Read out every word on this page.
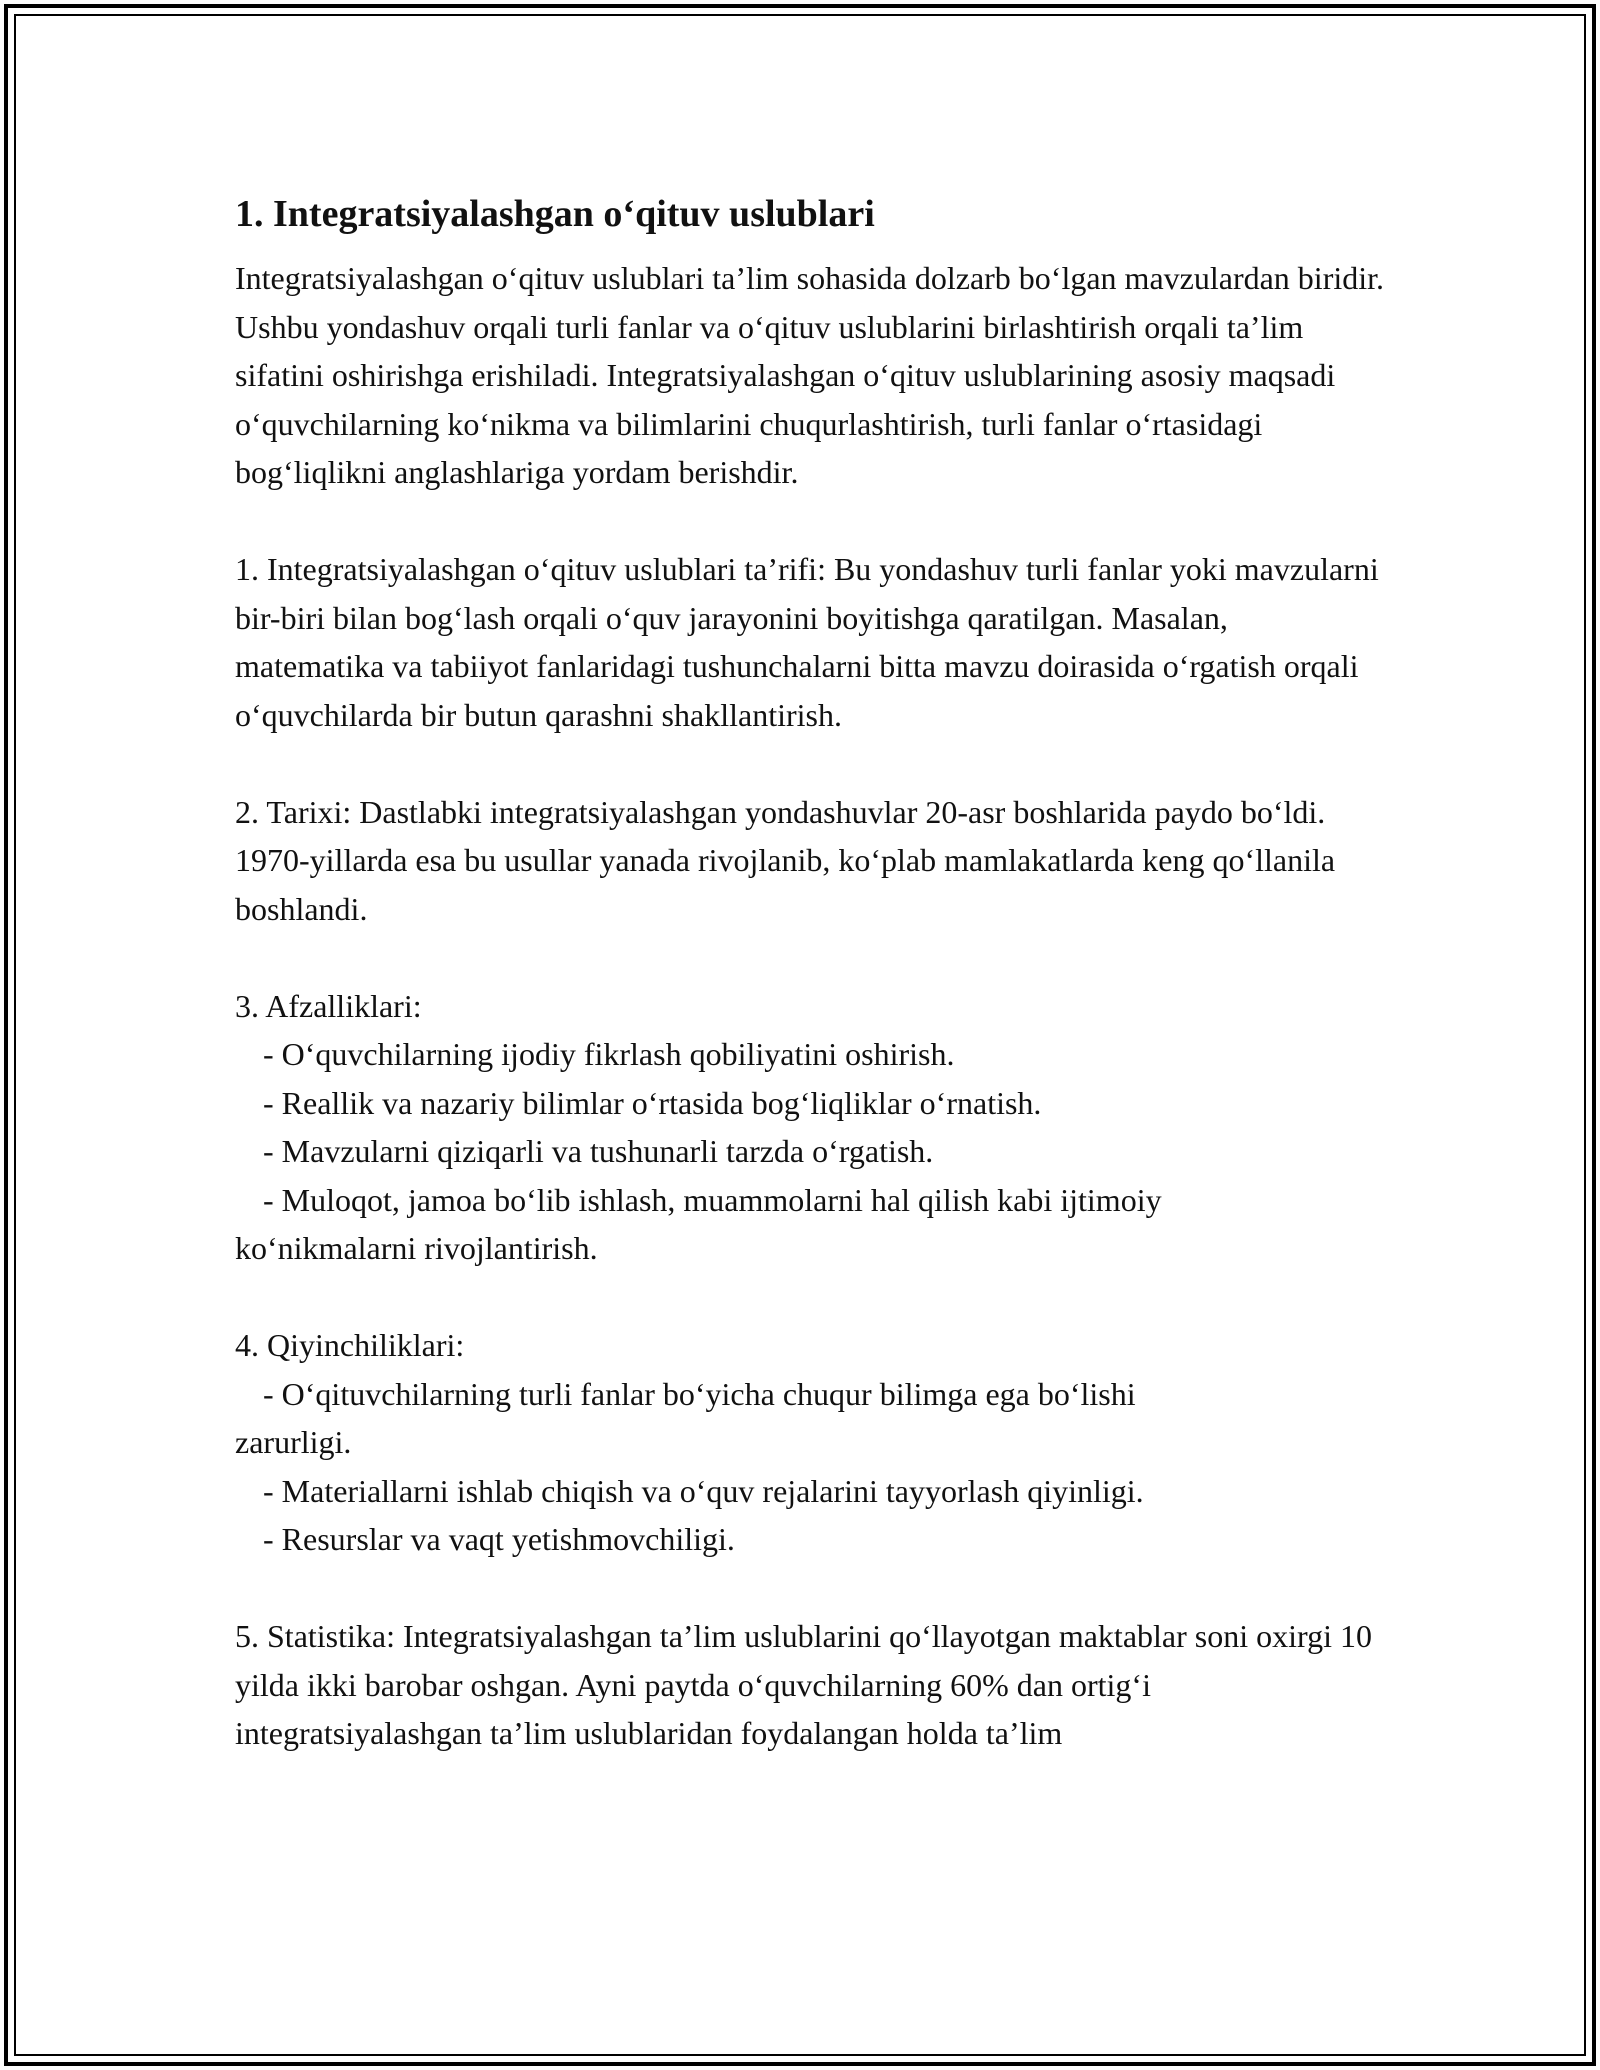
1. Integratsiyalashgan o‘qituv uslublari

Integratsiyalashgan o‘qituv uslublari ta’lim sohasida dolzarb bo‘lgan mavzulardan biridir. Ushbu yondashuv orqali turli fanlar va o‘qituv uslublarini birlashtirish orqali ta’lim sifatini oshirishga erishiladi. Integratsiyalashgan o‘qituv uslublarining asosiy maqsadi o‘quvchilarning ko‘nikma va bilimlarini chuqurlashtirish, turli fanlar o‘rtasidagi bog‘liqlikni anglashlariga yordam berishdir.

1. Integratsiyalashgan o‘qituv uslublari ta’rifi: Bu yondashuv turli fanlar yoki mavzularni bir-biri bilan bog‘lash orqali o‘quv jarayonini boyitishga qaratilgan. Masalan, matematika va tabiiyot fanlaridagi tushunchalarni bitta mavzu doirasida o‘rgatish orqali o‘quvchilarda bir butun qarashni shakllantirish.

2. Tarixi: Dastlabki integratsiyalashgan yondashuvlar 20-asr boshlarida paydo bo‘ldi. 1970-yillarda esa bu usullar yanada rivojlanib, ko‘plab mamlakatlarda keng qo‘llanila boshlandi.

3. Afzalliklari:

- O‘quvchilarning ijodiy fikrlash qobiliyatini oshirish.

- Reallik va nazariy bilimlar o‘rtasida bog‘liqliklar o‘rnatish.

- Mavzularni qiziqarli va tushunarli tarzda o‘rgatish.

- Muloqot, jamoa bo‘lib ishlash, muammolarni hal qilish kabi ijtimoiy

ko‘nikmalarni rivojlantirish.

4. Qiyinchiliklari:

- O‘qituvchilarning turli fanlar bo‘yicha chuqur bilimga ega bo‘lishi

zarurligi.

- Materiallarni ishlab chiqish va o‘quv rejalarini tayyorlash qiyinligi.

- Resurslar va vaqt yetishmovchiligi.

5. Statistika: Integratsiyalashgan ta’lim uslublarini qo‘llayotgan maktablar soni oxirgi 10 yilda ikki barobar oshgan. Ayni paytda o‘quvchilarning 60% dan ortig‘i integratsiyalashgan ta’lim uslublaridan foydalangan holda ta’lim
